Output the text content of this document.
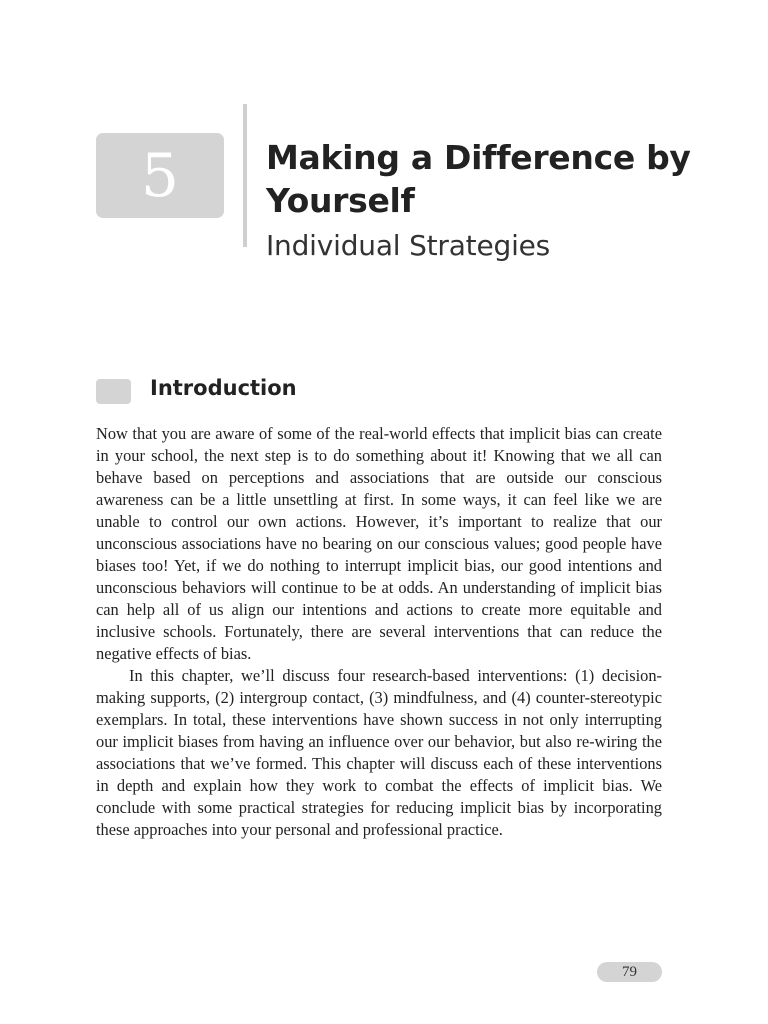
5	Making a Difference by Yourself
Individual Strategies
Introduction

Now that you are aware of some of the real-world effects that implicit bias can create in your school, the next step is to do something about it! Knowing that we all can behave based on perceptions and associations that are outside our conscious awareness can be a little unsettling at first. In some ways, it can feel like we are unable to control our own actions. However, it’s important to realize that our unconscious associations have no bearing on our conscious values; good people have biases too! Yet, if we do nothing to interrupt implicit bias, our good intentions and unconscious behaviors will continue to be at odds. An understanding of implicit bias can help all of us align our intentions and actions to create more equitable and inclusive schools. Fortunately, there are several interventions that can reduce the negative effects of bias.

In this chapter, we’ll discuss four research-based interventions: (1) decision-making supports, (2) intergroup contact, (3) mindfulness, and (4) counter-stereotypic exemplars. In total, these interventions have shown success in not only interrupting our implicit biases from having an influence over our behavior, but also re-wiring the associations that we’ve formed. This chapter will discuss each of these interventions in depth and explain how they work to combat the effects of implicit bias. We conclude with some practical strategies for reducing implicit bias by incorporating these approaches into your personal and professional practice.

79
